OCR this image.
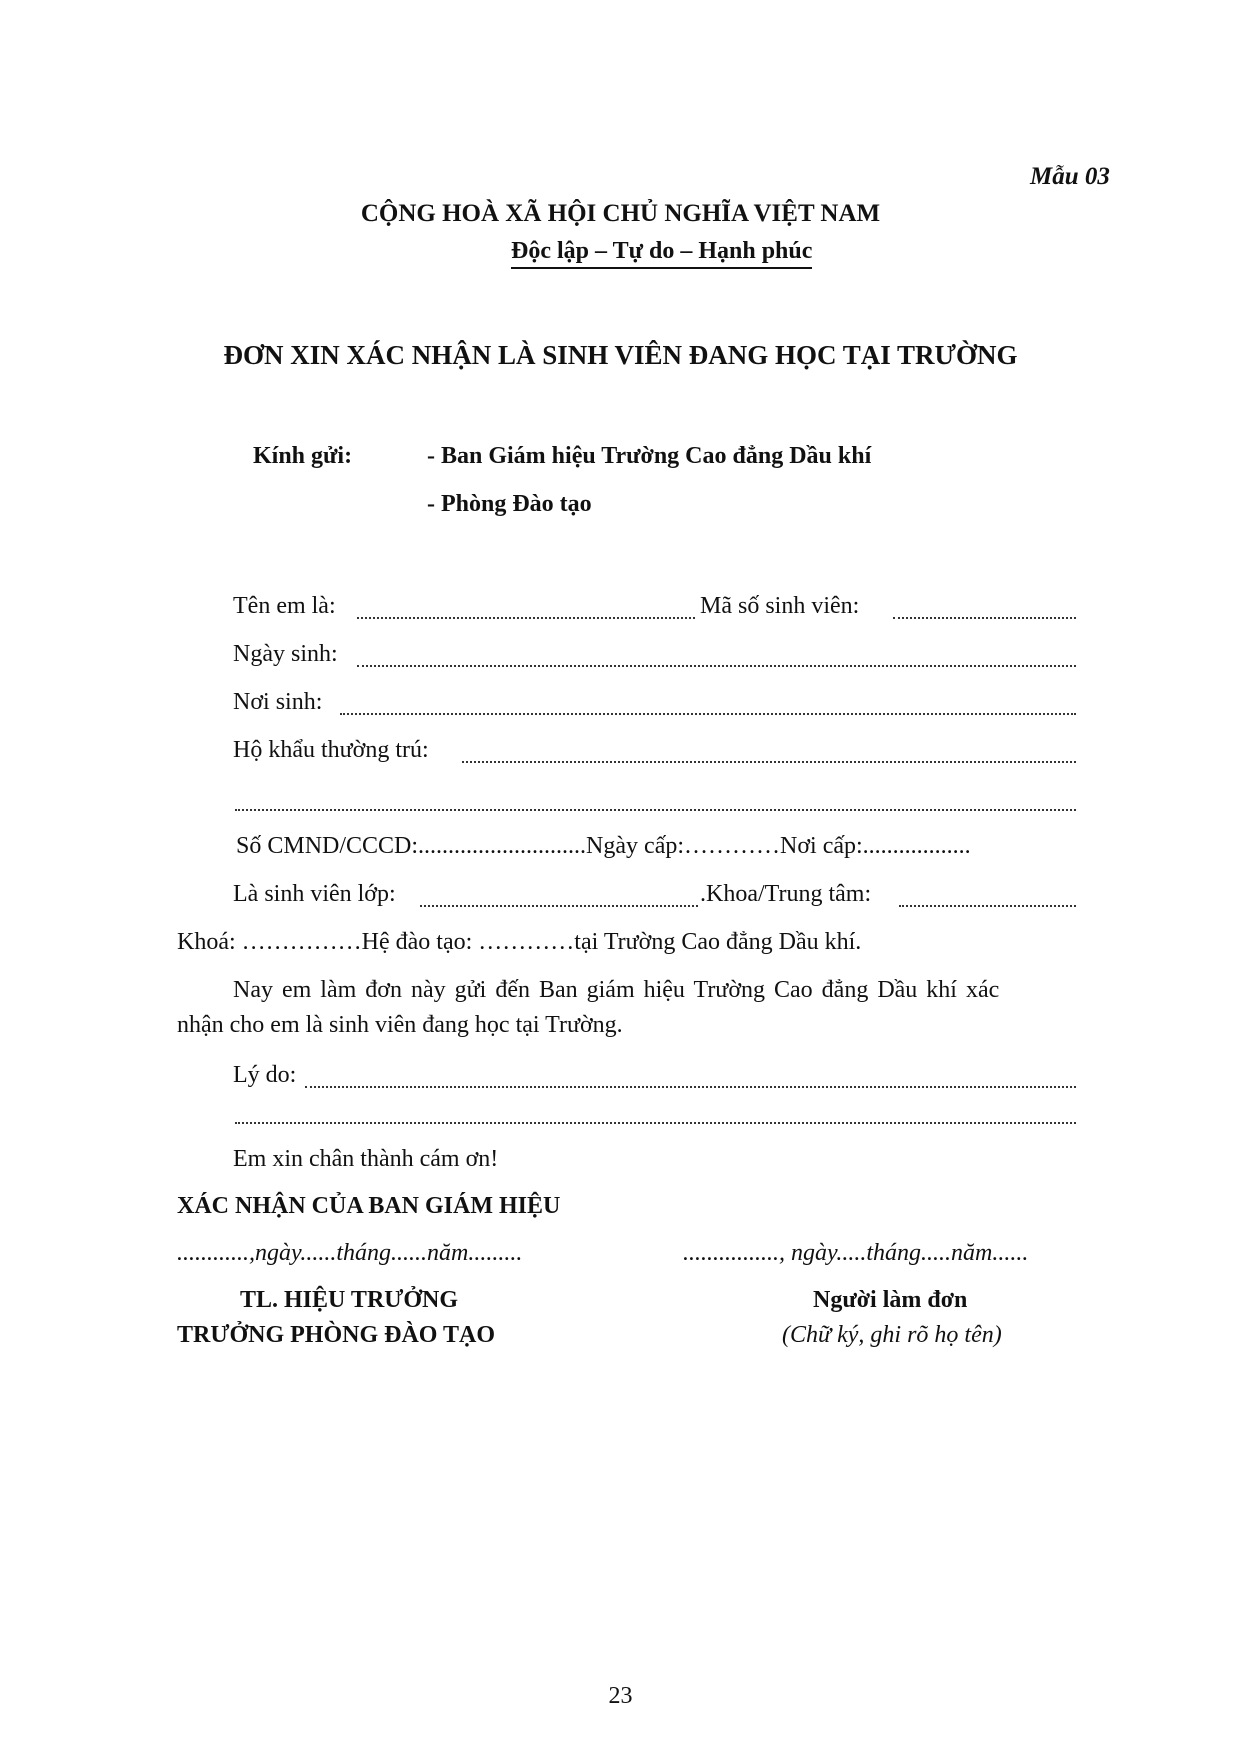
Mẫu 03
CỘNG HOÀ XÃ HỘI CHỦ NGHĨA VIỆT NAM
Độc lập – Tự do – Hạnh phúc
ĐƠN XIN XÁC NHẬN LÀ SINH VIÊN ĐANG HỌC TẠI TRƯỜNG
Kính gửi:	- Ban Giám hiệu Trường Cao đẳng Dầu khí
- Phòng Đào tạo
Tên em là:	Mã số sinh viên:
Ngày sinh:
Nơi sinh:
Hộ khẩu thường trú:
Số CMND/CCCD:............................Ngày cấp:…………Nơi cấp:..................
Là sinh viên lớp:	.Khoa/Trung tâm:
Khoá: ……………Hệ đào tạo: …………tại Trường Cao đẳng Dầu khí.
Nay em làm đơn này gửi đến Ban giám hiệu Trường Cao đẳng Dầu khí xác
nhận cho em là sinh viên đang học tại Trường.
Lý do:
Em xin chân thành cám ơn!
XÁC NHẬN CỦA BAN GIÁM HIỆU
............,ngày......tháng......năm.........	................, ngày.....tháng.....năm......
TL. HIỆU TRƯỞNG
TRƯỞNG PHÒNG ĐÀO TẠO
Người làm đơn
(Chữ ký, ghi rõ họ tên)
23
